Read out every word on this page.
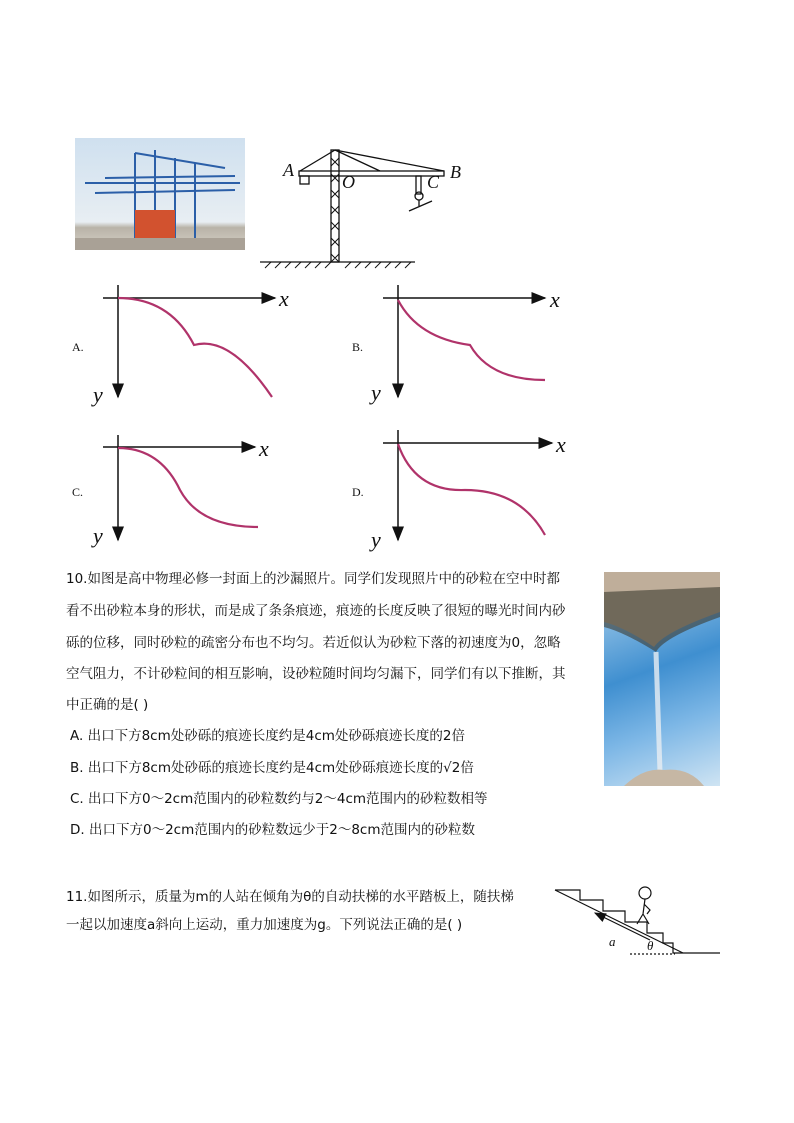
A
O	C B
A.
x
y
B.
x
y
C.
x
y
D.
x
y
10.如图是高中物理必修一封面上的沙漏照片。同学们发现照片中的砂粒在空中时都
看不出砂粒本身的形状，而是成了条条痕迹，痕迹的长度反映了很短的曝光时间内砂
砾的位移，同时砂粒的疏密分布也不均匀。若近似认为砂粒下落的初速度为0，忽略
空气阻力，不计砂粒间的相互影响，设砂粒随时间均匀漏下，同学们有以下推断，其
中正确的是( )
A. 出口下方8cm处砂砾的痕迹长度约是4cm处砂砾痕迹长度的2倍
B. 出口下方8cm处砂砾的痕迹长度约是4cm处砂砾痕迹长度的√2倍
C. 出口下方0～2cm范围内的砂粒数约与2～4cm范围内的砂粒数相等
D. 出口下方0～2cm范围内的砂粒数远少于2～8cm范围内的砂粒数
11.如图所示，质量为m的人站在倾角为θ的自动扶梯的水平踏板上，随扶梯
一起以加速度a斜向上运动，重力加速度为g。下列说法正确的是( )
a θ
